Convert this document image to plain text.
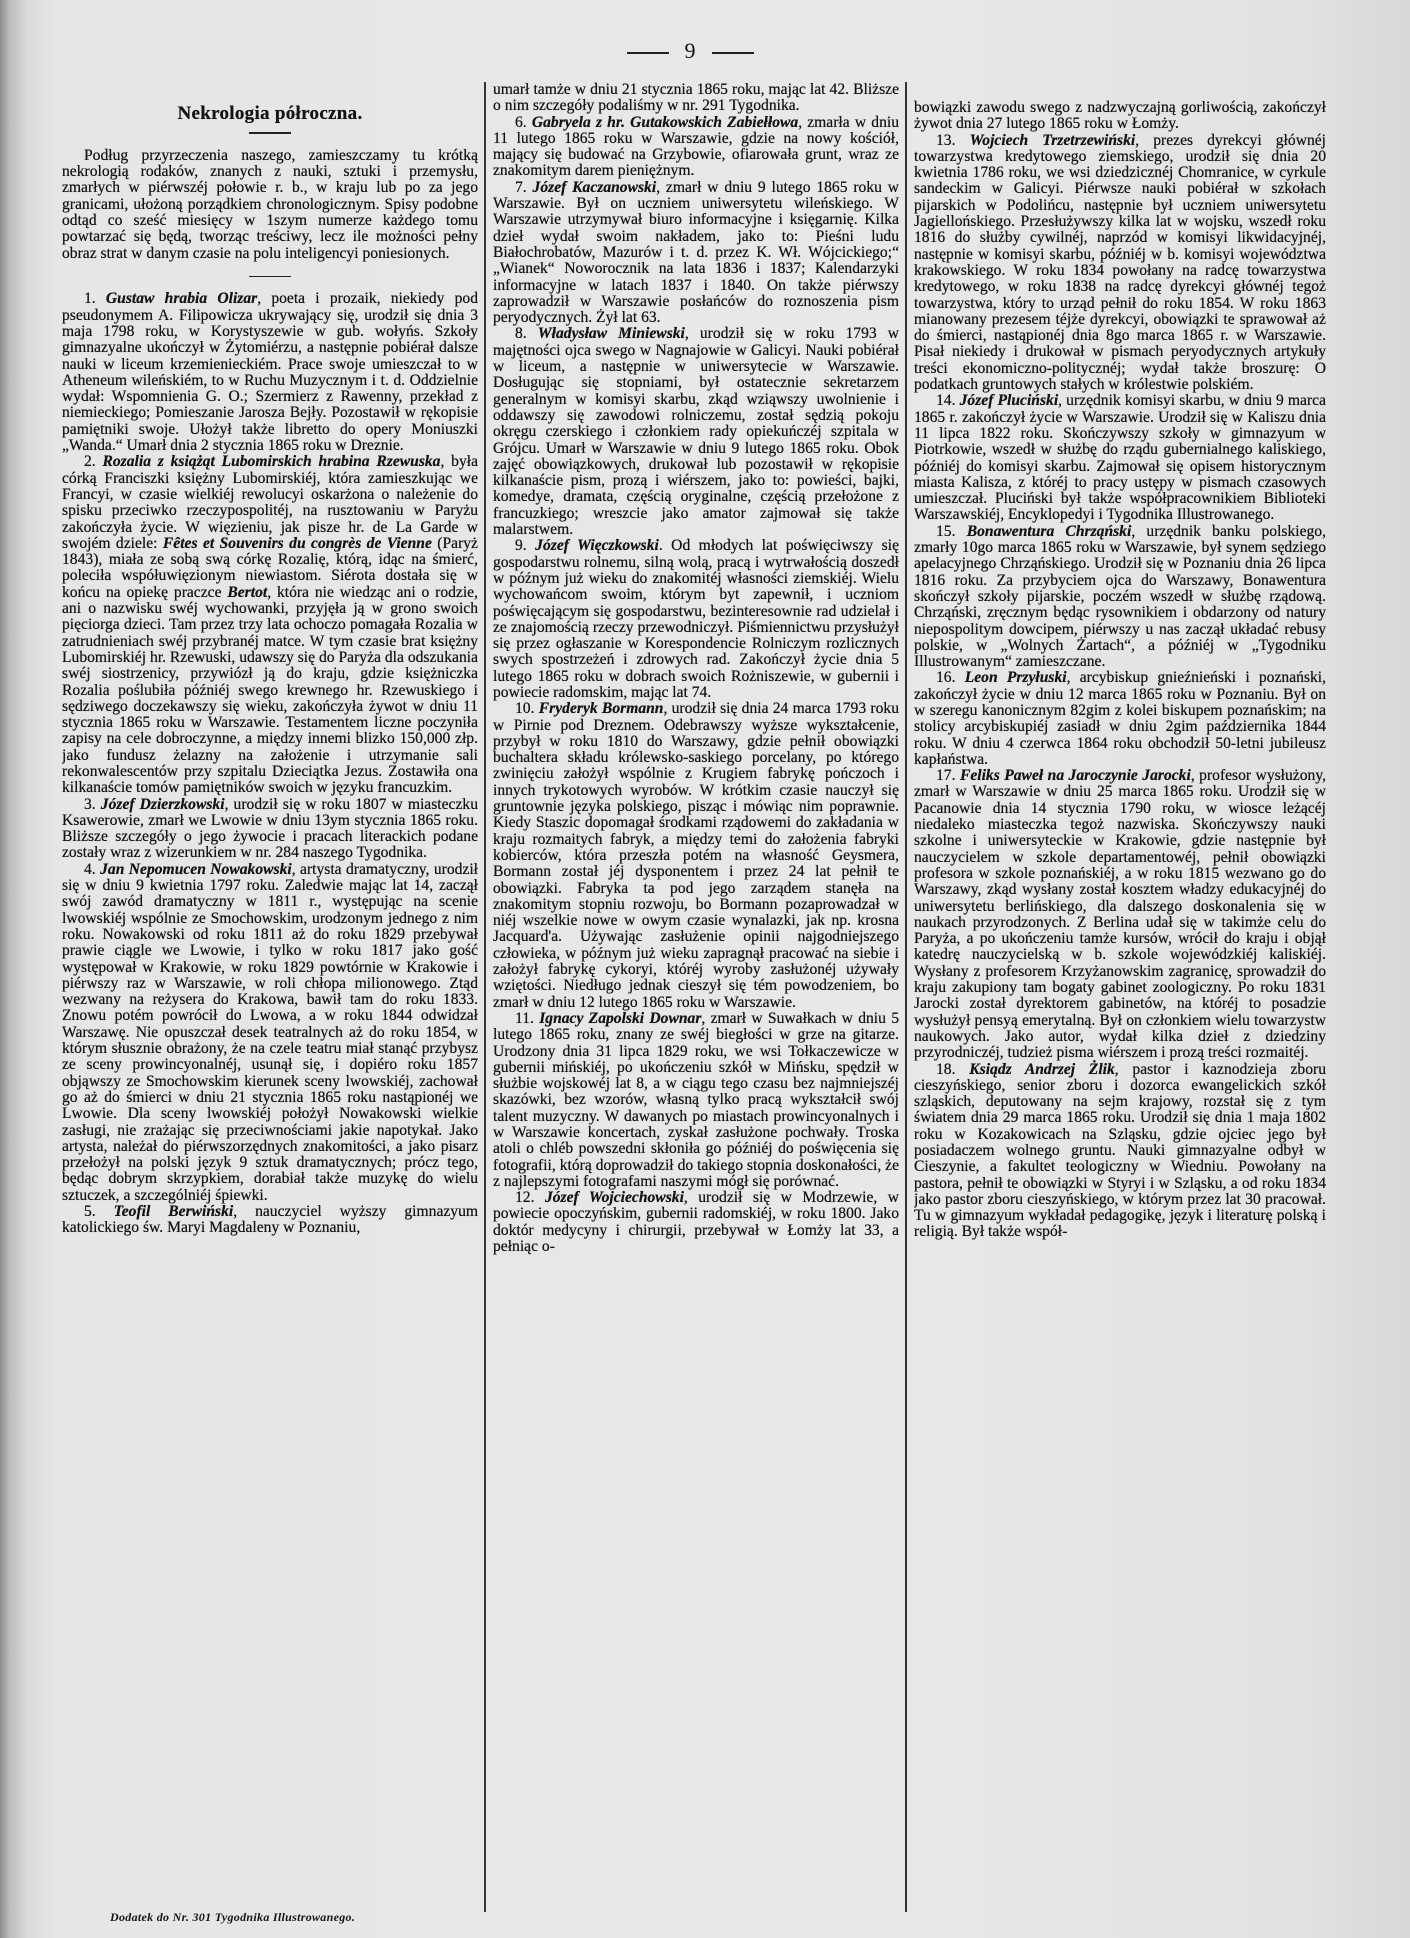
9
Nekrologia półroczna.

Podług przyrzeczenia naszego, zamieszczamy tu krótką nekrologią rodaków, znanych z nauki, sztuki i przemysłu, zmarłych w piérwszéj połowie r. b., w kraju lub po za jego granicami, ułożoną porządkiem chronologicznym. Spisy podobne odtąd co sześć miesięcy w 1szym numerze każdego tomu powtarzać się będą, tworząc treściwy, lecz ile możności pełny obraz strat w danym czasie na polu inteligencyi poniesionych.

1. Gustaw hrabia Olizar, poeta i prozaik, niekiedy pod pseudonymem A. Filipowicza ukrywający się, urodził się dnia 3 maja 1798 roku, w Korystyszewie w gub. wołyńs. Szkoły gimnazyalne ukończył w Żytomiérzu, a następnie pobiérał dalsze nauki w liceum krzemienieckiém. Prace swoje umieszczał to w Atheneum wileńskiém, to w Ruchu Muzycznym i t. d. Oddzielnie wydał: Wspomnienia G. O.; Szermierz z Rawenny, przekład z niemieckiego; Pomieszanie Jarosza Bejły. Pozostawił w rękopisie pamiętniki swoje. Ułożył także libretto do opery Moniuszki „Wanda.“ Umarł dnia 2 stycznia 1865 roku w Dreznie.

2. Rozalia z książąt Lubomirskich hrabina Rzewuska, była córką Franciszki księżny Lubomirskiéj, która zamieszkując we Francyi, w czasie wielkiéj rewolucyi oskarżona o należenie do spisku przeciwko rzeczypospolitéj, na rusztowaniu w Paryżu zakończyła życie. W więzieniu, jak pisze hr. de La Garde w swojém dziele: Fêtes et Souvenirs du congrès de Vienne (Paryż 1843), miała ze sobą swą córkę Rozalię, którą, idąc na śmierć, poleciła współuwięzionym niewiastom. Siérota dostała się w końcu na opiekę praczce Bertot, która nie wiedząc ani o rodzie, ani o nazwisku swéj wychowanki, przyjęła ją w grono swoich pięciorga dzieci. Tam przez trzy lata ochoczo pomagała Rozalia w zatrudnieniach swéj przybranéj matce. W tym czasie brat księżny Lubomirskiéj hr. Rzewuski, udawszy się do Paryża dla odszukania swéj siostrzenicy, przywiózł ją do kraju, gdzie księżniczka Rozalia poślubiła późniéj swego krewnego hr. Rzewuskiego i sędziwego doczekawszy się wieku, zakończyła żywot w dniu 11 stycznia 1865 roku w Warszawie. Testamentem liczne poczyniła zapisy na cele dobroczynne, a między innemi blizko 150,000 złp. jako fundusz żelazny na założenie i utrzymanie sali rekonwalescentów przy szpitalu Dzieciątka Jezus. Zostawiła ona kilkanaście tomów pamiętników swoich w języku francuzkim.

3. Józef Dzierzkowski, urodził się w roku 1807 w miasteczku Ksawerowie, zmarł we Lwowie w dniu 13ym stycznia 1865 roku. Bliższe szczegóły o jego żywocie i pracach literackich podane zostały wraz z wizerunkiem w nr. 284 naszego Tygodnika.

4. Jan Nepomucen Nowakowski, artysta dramatyczny, urodził się w dniu 9 kwietnia 1797 roku. Zaledwie mając lat 14, zaczął swój zawód dramatyczny w 1811 r., występując na scenie lwowskiéj wspólnie ze Smochowskim, urodzonym jednego z nim roku. Nowakowski od roku 1811 aż do roku 1829 przebywał prawie ciągle we Lwowie, i tylko w roku 1817 jako gość występował w Krakowie, w roku 1829 powtórnie w Krakowie i piérwszy raz w Warszawie, w roli chłopa milionowego. Ztąd wezwany na reżysera do Krakowa, bawił tam do roku 1833. Znowu potém powrócił do Lwowa, a w roku 1844 odwidzał Warszawę. Nie opuszczał desek teatralnych aż do roku 1854, w którym słusznie obrażony, że na czele teatru miał stanąć przybysz ze sceny prowincyonalnéj, usunął się, i dopiéro roku 1857 objąwszy ze Smochowskim kierunek sceny lwowskiéj, zachował go aż do śmierci w dniu 21 stycznia 1865 roku nastąpionéj we Lwowie. Dla sceny lwowskiéj położył Nowakowski wielkie zasługi, nie zrażając się przeciwnościami jakie napotykał. Jako artysta, należał do piérwszorzędnych znakomitości, a jako pisarz przełożył na polski język 9 sztuk dramatycznych; prócz tego, będąc dobrym skrzypkiem, dorabiał także muzykę do wielu sztuczek, a szczególniéj śpiewki.

5. Teofil Berwiński, nauczyciel wyższy gimnazyum katolickiego św. Maryi Magdaleny w Poznaniu,

umarł tamże w dniu 21 stycznia 1865 roku, mając lat 42. Bliższe o nim szczegóły podaliśmy w nr. 291 Tygodnika.

6. Gabryela z hr. Gutakowskich Zabiełłowa, zmarła w dniu 11 lutego 1865 roku w Warszawie, gdzie na nowy kościół, mający się budować na Grzybowie, ofiarowała grunt, wraz ze znakomitym darem pieniężnym.

7. Józef Kaczanowski, zmarł w dniu 9 lutego 1865 roku w Warszawie. Był on uczniem uniwersytetu wileńskiego. W Warszawie utrzymywał biuro informacyjne i księgarnię. Kilka dzieł wydał swoim nakładem, jako to: Pieśni ludu Białochrobatów, Mazurów i t. d. przez K. Wł. Wójcickiego;“ „Wianek“ Noworocznik na lata 1836 i 1837; Kalendarzyki informacyjne w latach 1837 i 1840. On także piérwszy zaprowadził w Warszawie posłańców do roznoszenia pism peryodycznych. Żył lat 63.

8. Władysław Miniewski, urodził się w roku 1793 w majętności ojca swego w Nagnajowie w Galicyi. Nauki pobiérał w liceum, a następnie w uniwersytecie w Warszawie. Dosługując się stopniami, był ostatecznie sekretarzem generalnym w komisyi skarbu, zkąd wziąwszy uwolnienie i oddawszy się zawodowi rolniczemu, został sędzią pokoju okręgu czerskiego i członkiem rady opiekuńczéj szpitala w Grójcu. Umarł w Warszawie w dniu 9 lutego 1865 roku. Obok zajęć obowiązkowych, drukował lub pozostawił w rękopisie kilkanaście pism, prozą i wiérszem, jako to: powieści, bajki, komedye, dramata, częścią oryginalne, częścią przełożone z francuzkiego; wreszcie jako amator zajmował się także malarstwem.

9. Józef Więczkowski. Od młodych lat poświęciwszy się gospodarstwu rolnemu, silną wolą, pracą i wytrwałością doszedł w późnym już wieku do znakomitéj własności ziemskiéj. Wielu wychowańcom swoim, którym byt zapewnił, i uczniom poświęcającym się gospodarstwu, bezinteresownie rad udzielał i ze znajomością rzeczy przewodniczył. Piśmiennictwu przysłużył się przez ogłaszanie w Korespondencie Rolniczym rozlicznych swych spostrzeżeń i zdrowych rad. Zakończył życie dnia 5 lutego 1865 roku w dobrach swoich Rożniszewie, w gubernii i powiecie radomskim, mając lat 74.

10. Fryderyk Bormann, urodził się dnia 24 marca 1793 roku w Pirnie pod Dreznem. Odebrawszy wyższe wykształcenie, przybył w roku 1810 do Warszawy, gdzie pełnił obowiązki buchaltera składu królewsko-saskiego porcelany, po którego zwinięciu założył wspólnie z Krugiem fabrykę pończoch i innych trykotowych wyrobów. W krótkim czasie nauczył się gruntownie języka polskiego, pisząc i mówiąc nim poprawnie. Kiedy Staszic dopomagał środkami rządowemi do zakładania w kraju rozmaitych fabryk, a między temi do założenia fabryki kobierców, która przeszła potém na własność Geysmera, Bormann został jéj dysponentem i przez 24 lat pełnił te obowiązki. Fabryka ta pod jego zarządem stanęła na znakomitym stopniu rozwoju, bo Bormann pozaprowadzał w niéj wszelkie nowe w owym czasie wynalazki, jak np. krosna Jacquard'a. Używając zasłużenie opinii najgodniejszego człowieka, w późnym już wieku zapragnął pracować na siebie i założył fabrykę cykoryi, któréj wyroby zasłużonéj używały wziętości. Niedługo jednak cieszył się tém powodzeniem, bo zmarł w dniu 12 lutego 1865 roku w Warszawie.

11. Ignacy Zapolski Downar, zmarł w Suwałkach w dniu 5 lutego 1865 roku, znany ze swéj biegłości w grze na gitarze. Urodzony dnia 31 lipca 1829 roku, we wsi Tołkaczewicze w gubernii mińskiéj, po ukończeniu szkół w Mińsku, spędził w służbie wojskowéj lat 8, a w ciągu tego czasu bez najmniejszéj skazówki, bez wzorów, własną tylko pracą wykształcił swój talent muzyczny. W dawanych po miastach prowincyonalnych i w Warszawie koncertach, zyskał zasłużone pochwały. Troska atoli o chléb powszedni skłoniła go późniéj do poświęcenia się fotografii, którą doprowadził do takiego stopnia doskonałości, że z najlepszymi fotografami naszymi mógł się porównać.

12. Józef Wojciechowski, urodził się w Modrzewie, w powiecie opoczyńskim, gubernii radomskiéj, w roku 1800. Jako doktór medycyny i chirurgii, przebywał w Łomży lat 33, a pełniąc o-

bowiązki zawodu swego z nadzwyczajną gorliwością, zakończył żywot dnia 27 lutego 1865 roku w Łomży.

13. Wojciech Trzetrzewiński, prezes dyrekcyi głównéj towarzystwa kredytowego ziemskiego, urodził się dnia 20 kwietnia 1786 roku, we wsi dziedzicznéj Chomranice, w cyrkule sandeckim w Galicyi. Piérwsze nauki pobiérał w szkołach pijarskich w Podolińcu, następnie był uczniem uniwersytetu Jagiellońskiego. Przesłużywszy kilka lat w wojsku, wszedł roku 1816 do służby cywilnéj, naprzód w komisyi likwidacyjnéj, następnie w komisyi skarbu, późniéj w b. komisyi województwa krakowskiego. W roku 1834 powołany na radcę towarzystwa kredytowego, w roku 1838 na radcę dyrekcyi głównéj tegoż towarzystwa, który to urząd pełnił do roku 1854. W roku 1863 mianowany prezesem téjże dyrekcyi, obowiązki te sprawował aż do śmierci, nastąpionéj dnia 8go marca 1865 r. w Warszawie. Pisał niekiedy i drukował w pismach peryodycznych artykuły treści ekonomiczno-politycznéj; wydał także broszurę: O podatkach gruntowych stałych w królestwie polskiém.

14. Józef Pluciński, urzędnik komisyi skarbu, w dniu 9 marca 1865 r. zakończył życie w Warszawie. Urodził się w Kaliszu dnia 11 lipca 1822 roku. Skończywszy szkoły w gimnazyum w Piotrkowie, wszedł w służbę do rządu gubernialnego kaliskiego, późniéj do komisyi skarbu. Zajmował się opisem historycznym miasta Kalisza, z któréj to pracy ustępy w pismach czasowych umieszczał. Pluciński był także współpracownikiem Biblioteki Warszawskiéj, Encyklopedyi i Tygodnika Illustrowanego.

15. Bonawentura Chrząński, urzędnik banku polskiego, zmarły 10go marca 1865 roku w Warszawie, był synem sędziego apelacyjnego Chrząńskiego. Urodził się w Poznaniu dnia 26 lipca 1816 roku. Za przybyciem ojca do Warszawy, Bonawentura skończył szkoły pijarskie, poczém wszedł w służbę rządową. Chrząński, zręcznym będąc rysownikiem i obdarzony od natury niepospolitym dowcipem, piérwszy u nas zaczął układać rebusy polskie, w „Wolnych Żartach“, a późniéj w „Tygodniku Illustrowanym“ zamieszczane.

16. Leon Przyłuski, arcybiskup gnieźnieński i poznański, zakończył życie w dniu 12 marca 1865 roku w Poznaniu. Był on w szeregu kanonicznym 82gim z kolei biskupem poznańskim; na stolicy arcybiskupiéj zasiadł w dniu 2gim października 1844 roku. W dniu 4 czerwca 1864 roku obchodził 50-letni jubileusz kapłaństwa.

17. Feliks Paweł na Jaroczynie Jarocki, profesor wysłużony, zmarł w Warszawie w dniu 25 marca 1865 roku. Urodził się w Pacanowie dnia 14 stycznia 1790 roku, w wiosce leżącéj niedaleko miasteczka tegoż nazwiska. Skończywszy nauki szkolne i uniwersyteckie w Krakowie, gdzie następnie był nauczycielem w szkole departamentowéj, pełnił obowiązki profesora w szkole poznańskiéj, a w roku 1815 wezwano go do Warszawy, zkąd wysłany został kosztem władzy edukacyjnéj do uniwersytetu berlińskiego, dla dalszego doskonalenia się w naukach przyrodzonych. Z Berlina udał się w takimże celu do Paryża, a po ukończeniu tamże kursów, wrócił do kraju i objął katedrę nauczycielską w b. szkole wojewódzkiéj kaliskiéj. Wysłany z profesorem Krzyżanowskim zagranicę, sprowadził do kraju zakupiony tam bogaty gabinet zoologiczny. Po roku 1831 Jarocki został dyrektorem gabinetów, na któréj to posadzie wysłużył pensyą emerytalną. Był on członkiem wielu towarzystw naukowych. Jako autor, wydał kilka dzieł z dziedziny przyrodniczéj, tudzież pisma wiérszem i prozą treści rozmaitéj.

18. Ksiądz Andrzej Żlik, pastor i kaznodzieja zboru cieszyńskiego, senior zboru i dozorca ewangelickich szkół szląskich, deputowany na sejm krajowy, rozstał się z tym światem dnia 29 marca 1865 roku. Urodził się dnia 1 maja 1802 roku w Kozakowicach na Szląsku, gdzie ojciec jego był posiadaczem wolnego gruntu. Nauki gimnazyalne odbył w Cieszynie, a fakultet teologiczny w Wiedniu. Powołany na pastora, pełnił te obowiązki w Styryi i w Szląsku, a od roku 1834 jako pastor zboru cieszyńskiego, w którym przez lat 30 pracował. Tu w gimnazyum wykładał pedagogikę, język i literaturę polską i religią. Był także współ-

Dodatek do Nr. 301 Tygodnika Illustrowanego.
